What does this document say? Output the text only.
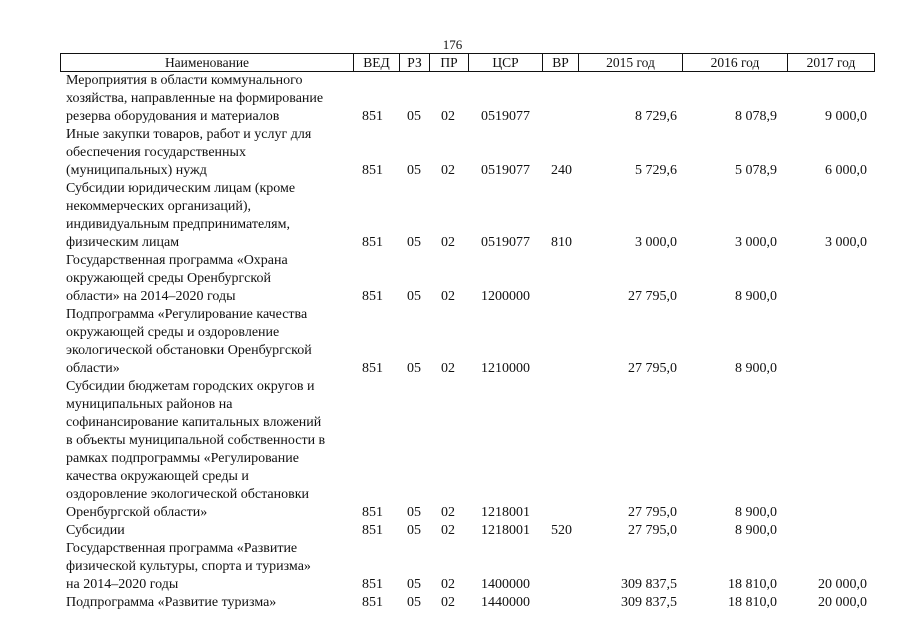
176
Наименование	ВЕД	РЗ	ПР	ЦСР	ВР	2015 год	2016 год	2017 год
Мероприятия в области коммунального
хозяйства, направленные на формирование
резерва оборудования и материалов	851 05 02 0519077	8 729,6	8 078,9	9 000,0
Иные закупки товаров, работ и услуг для
обеспечения государственных
(муниципальных) нужд	851 05 02 0519077 240	5 729,6	5 078,9	6 000,0
Субсидии юридическим лицам (кроме
некоммерческих организаций),
индивидуальным предпринимателям,
физическим лицам	851 05 02 0519077 810	3 000,0	3 000,0	3 000,0
Государственная программа «Охрана
окружающей среды Оренбургской
области» на 2014–2020 годы	851 05 02 1200000	27 795,0	8 900,0
Подпрограмма «Регулирование качества
окружающей среды и оздоровление
экологической обстановки Оренбургской
области»	851 05 02 1210000	27 795,0	8 900,0
Субсидии бюджетам городских округов и
муниципальных районов на
софинансирование капитальных вложений
в объекты муниципальной собственности в
рамках подпрограммы «Регулирование
качества окружающей среды и
оздоровление экологической обстановки
Оренбургской области»	851 05 02 1218001	27 795,0	8 900,0
Субсидии	851 05 02 1218001 520	27 795,0	8 900,0
Государственная программа «Развитие
физической культуры, спорта и туризма»
на 2014–2020 годы	851 05 02 1400000	309 837,5	18 810,0	20 000,0
Подпрограмма «Развитие туризма»	851 05 02 1440000	309 837,5	18 810,0	20 000,0
